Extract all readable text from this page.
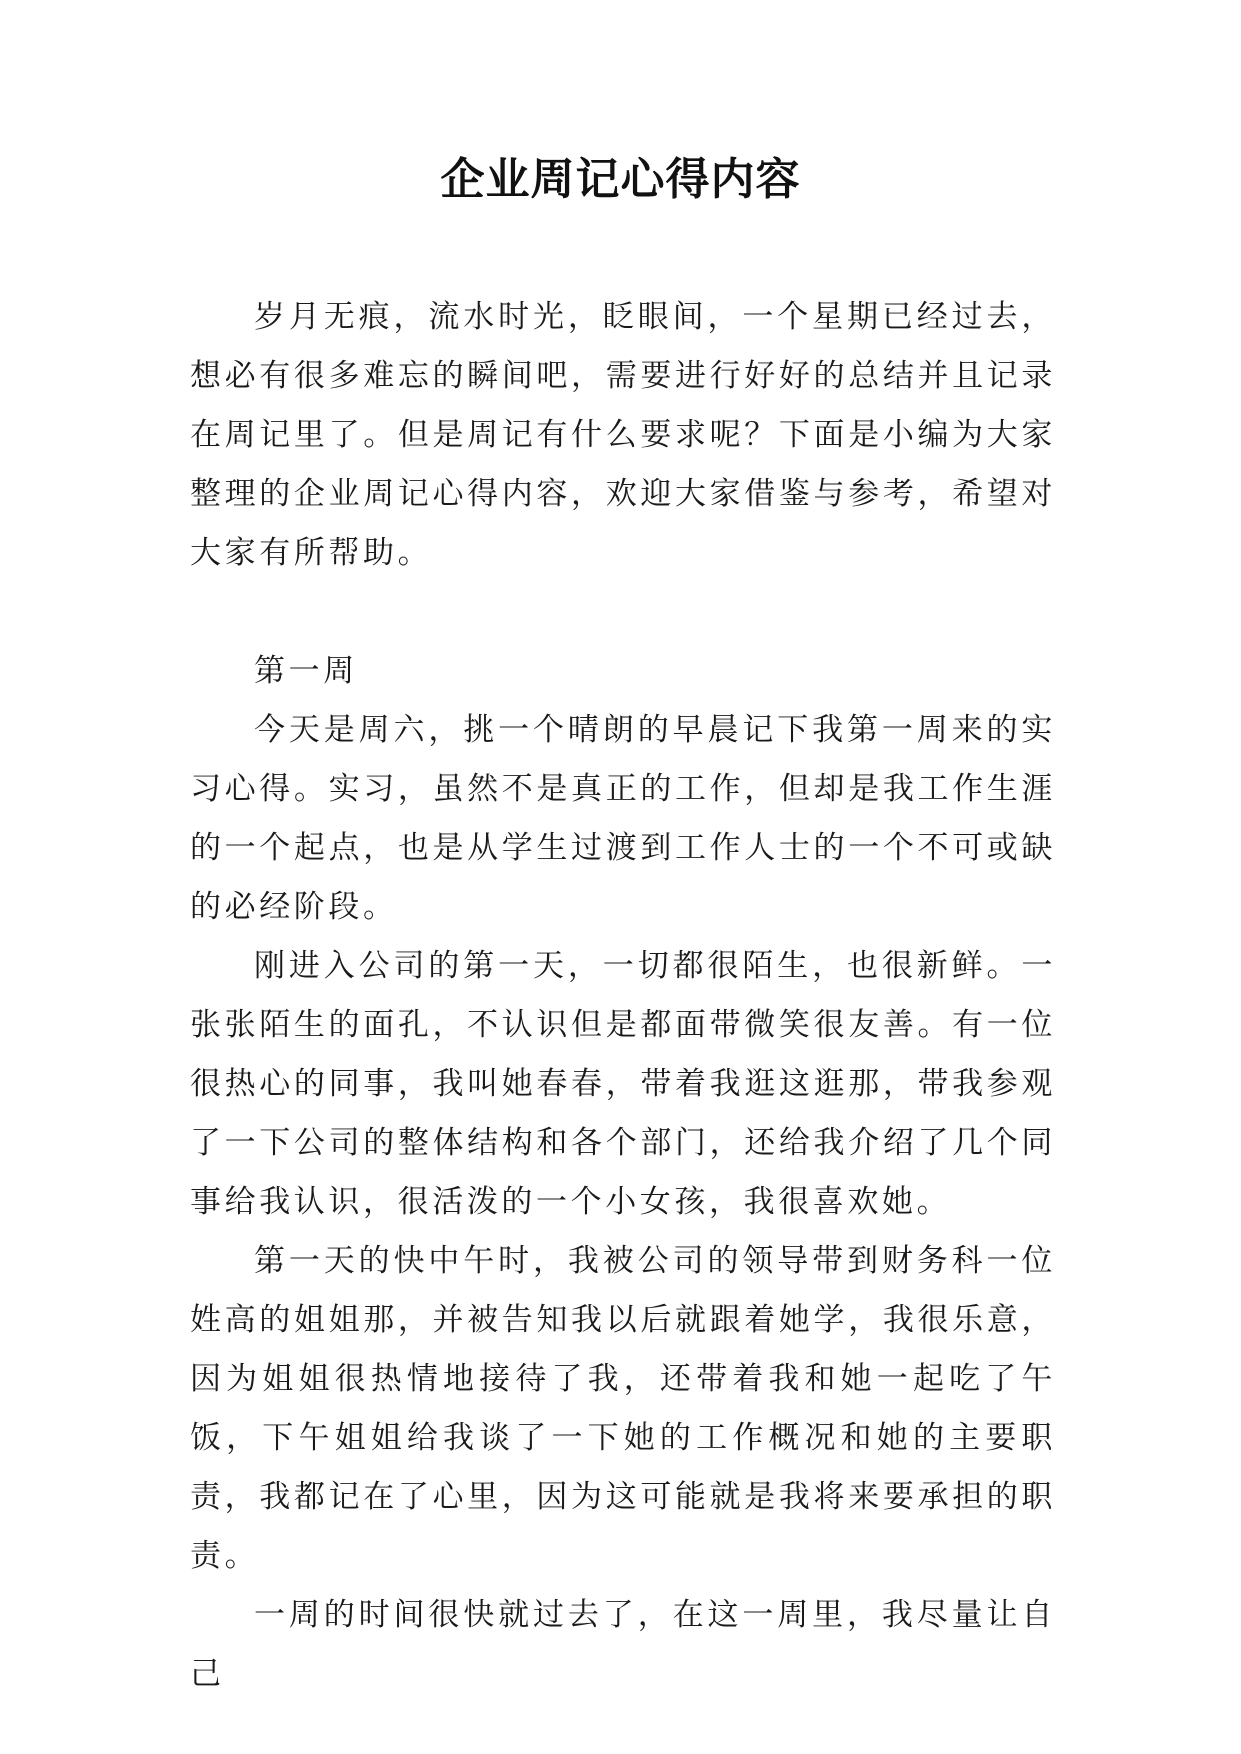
企业周记心得内容

岁月无痕，流水时光，眨眼间，一个星期已经过去，想必有很多难忘的瞬间吧，需要进行好好的总结并且记录在周记里了。但是周记有什么要求呢？下面是小编为大家整理的企业周记心得内容，欢迎大家借鉴与参考，希望对大家有所帮助。

第一周

今天是周六，挑一个晴朗的早晨记下我第一周来的实习心得。实习，虽然不是真正的工作，但却是我工作生涯的一个起点，也是从学生过渡到工作人士的一个不可或缺的必经阶段。

刚进入公司的第一天，一切都很陌生，也很新鲜。一张张陌生的面孔，不认识但是都面带微笑很友善。有一位很热心的同事，我叫她春春，带着我逛这逛那，带我参观了一下公司的整体结构和各个部门，还给我介绍了几个同事给我认识，很活泼的一个小女孩，我很喜欢她。

第一天的快中午时，我被公司的领导带到财务科一位姓高的姐姐那，并被告知我以后就跟着她学，我很乐意，因为姐姐很热情地接待了我，还带着我和她一起吃了午饭，下午姐姐给我谈了一下她的工作概况和她的主要职责，我都记在了心里，因为这可能就是我将来要承担的职责。

一周的时间很快就过去了，在这一周里，我尽量让自己
